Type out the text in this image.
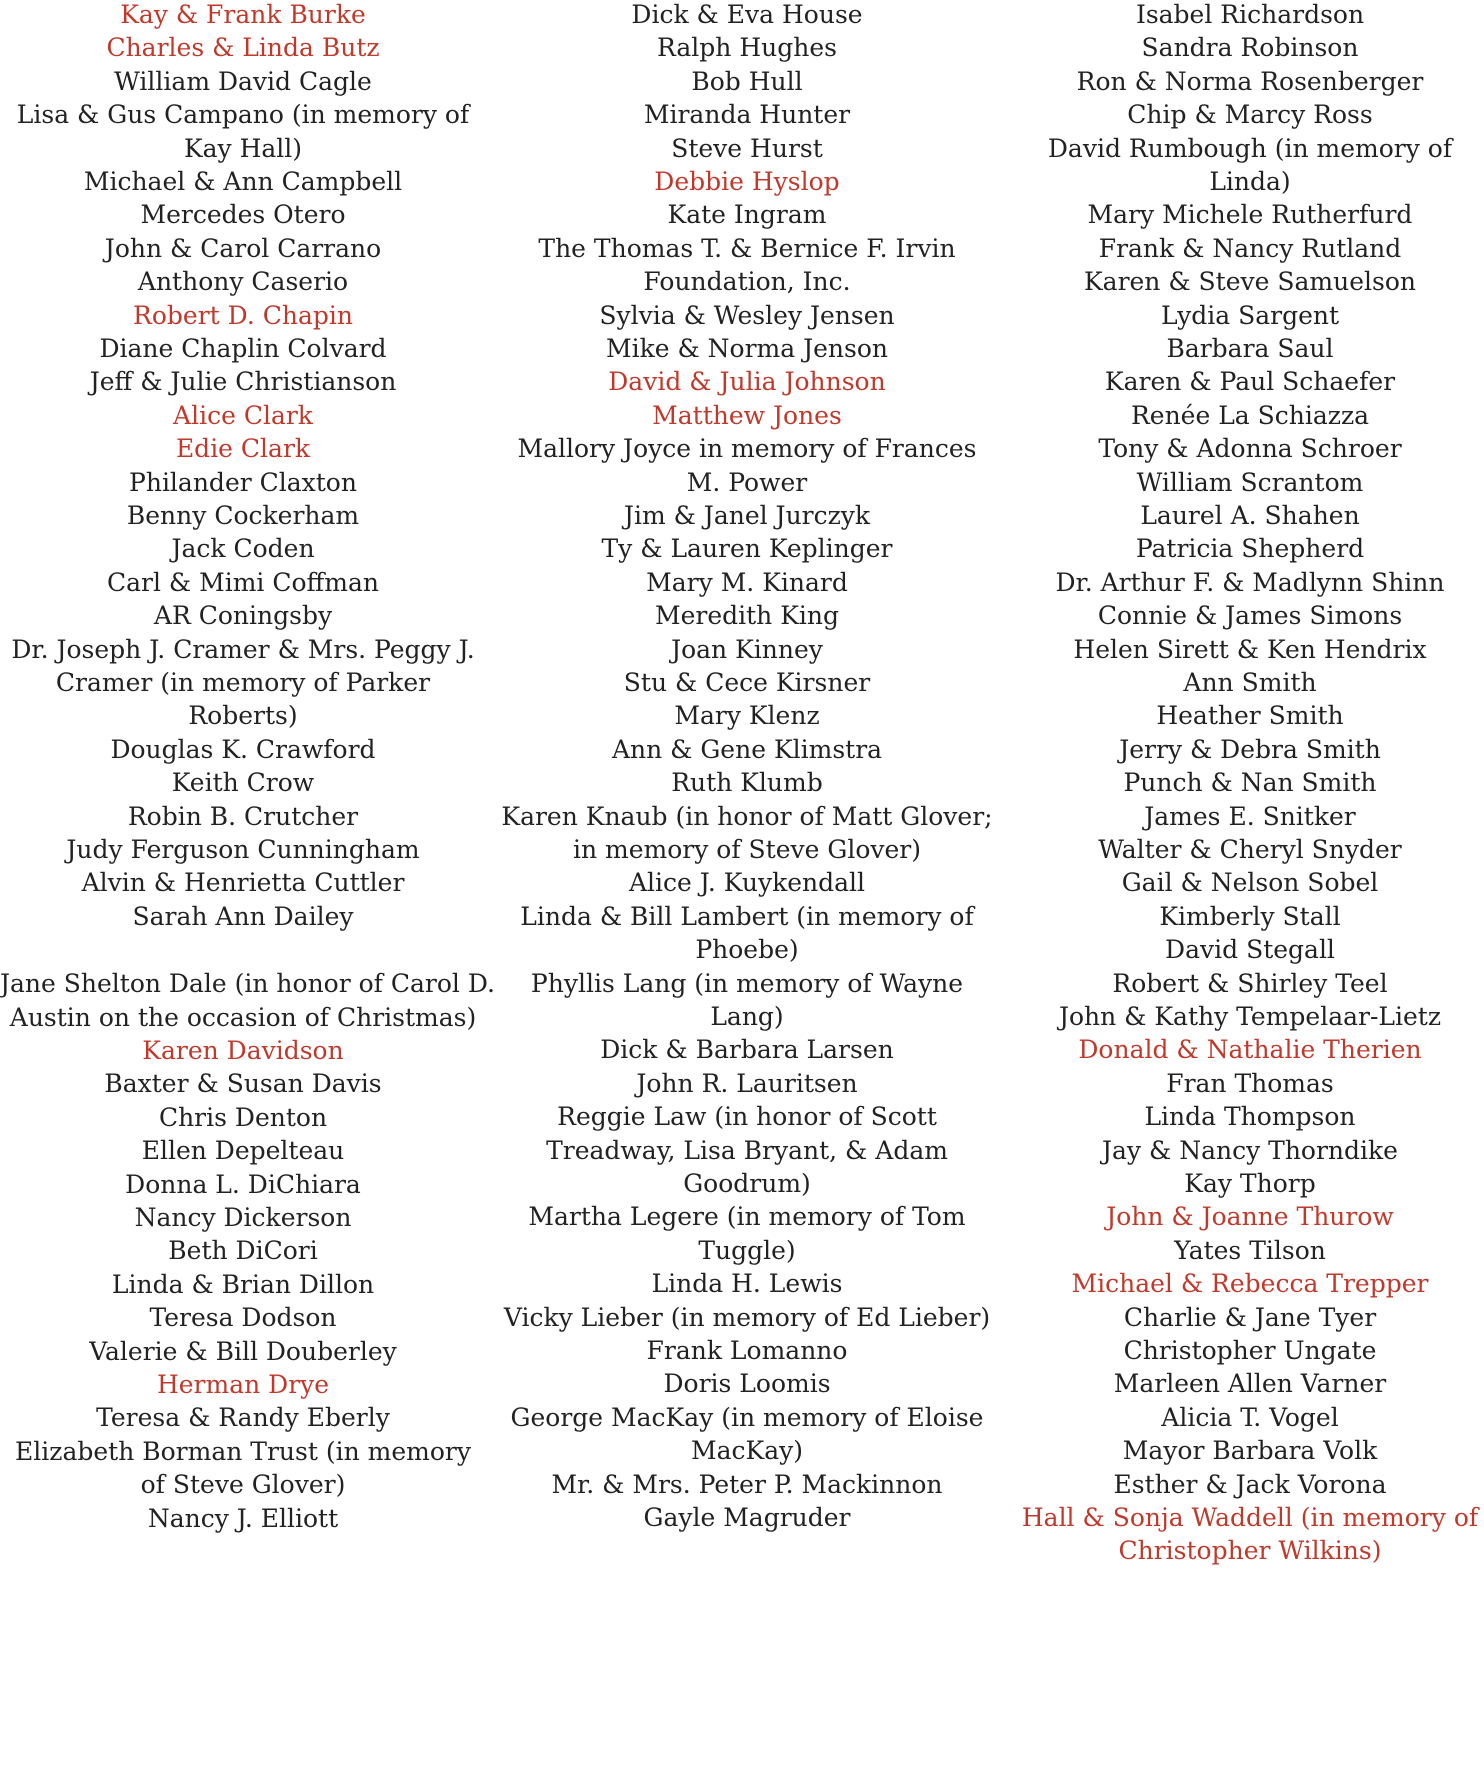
Kay & Frank Burke
Charles & Linda Butz
William David Cagle
Lisa & Gus Campano (in memory of
Kay Hall)
Michael & Ann Campbell
Mercedes Otero
John & Carol Carrano
Anthony Caserio
Robert D. Chapin
Diane Chaplin Colvard
Jeff & Julie Christianson
Alice Clark
Edie Clark
Philander Claxton
Benny Cockerham
Jack Coden
Carl & Mimi Coffman
AR Coningsby
Dr. Joseph J. Cramer & Mrs. Peggy J.
Cramer (in memory of Parker
Roberts)
Douglas K. Crawford
Keith Crow
Robin B. Crutcher
Judy Ferguson Cunningham
Alvin & Henrietta Cuttler
Sarah Ann Dailey
Jane Shelton Dale (in honor of Carol D.
Austin on the occasion of Christmas)
Karen Davidson
Baxter & Susan Davis
Chris Denton
Ellen Depelteau
Donna L. DiChiara
Nancy Dickerson
Beth DiCori
Linda & Brian Dillon
Teresa Dodson
Valerie & Bill Douberley
Herman Drye
Teresa & Randy Eberly
Elizabeth Borman Trust (in memory
of Steve Glover)
Nancy J. Elliott
Dick & Eva House
Ralph Hughes
Bob Hull
Miranda Hunter
Steve Hurst
Debbie Hyslop
Kate Ingram
The Thomas T. & Bernice F. Irvin
Foundation, Inc.
Sylvia & Wesley Jensen
Mike & Norma Jenson
David & Julia Johnson
Matthew Jones
Mallory Joyce in memory of Frances
M. Power
Jim & Janel Jurczyk
Ty & Lauren Keplinger
Mary M. Kinard
Meredith King
Joan Kinney
Stu & Cece Kirsner
Mary Klenz
Ann & Gene Klimstra
Ruth Klumb
Karen Knaub (in honor of Matt Glover;
in memory of Steve Glover)
Alice J. Kuykendall
Linda & Bill Lambert (in memory of
Phoebe)
Phyllis Lang (in memory of Wayne
Lang)
Dick & Barbara Larsen
John R. Lauritsen
Reggie Law (in honor of Scott
Treadway, Lisa Bryant, & Adam
Goodrum)
Martha Legere (in memory of Tom
Tuggle)
Linda H. Lewis
Vicky Lieber (in memory of Ed Lieber)
Frank Lomanno
Doris Loomis
George MacKay (in memory of Eloise
MacKay)
Mr. & Mrs. Peter P. Mackinnon
Gayle Magruder
Isabel Richardson
Sandra Robinson
Ron & Norma Rosenberger
Chip & Marcy Ross
David Rumbough (in memory of
Linda)
Mary Michele Rutherfurd
Frank & Nancy Rutland
Karen & Steve Samuelson
Lydia Sargent
Barbara Saul
Karen & Paul Schaefer
Renée La Schiazza
Tony & Adonna Schroer
William Scrantom
Laurel A. Shahen
Patricia Shepherd
Dr. Arthur F. & Madlynn Shinn
Connie & James Simons
Helen Sirett & Ken Hendrix
Ann Smith
Heather Smith
Jerry & Debra Smith
Punch & Nan Smith
James E. Snitker
Walter & Cheryl Snyder
Gail & Nelson Sobel
Kimberly Stall
David Stegall
Robert & Shirley Teel
John & Kathy Tempelaar-Lietz
Donald & Nathalie Therien
Fran Thomas
Linda Thompson
Jay & Nancy Thorndike
Kay Thorp
John & Joanne Thurow
Yates Tilson
Michael & Rebecca Trepper
Charlie & Jane Tyer
Christopher Ungate
Marleen Allen Varner
Alicia T. Vogel
Mayor Barbara Volk
Esther & Jack Vorona
Hall & Sonja Waddell (in memory of
Christopher Wilkins)
